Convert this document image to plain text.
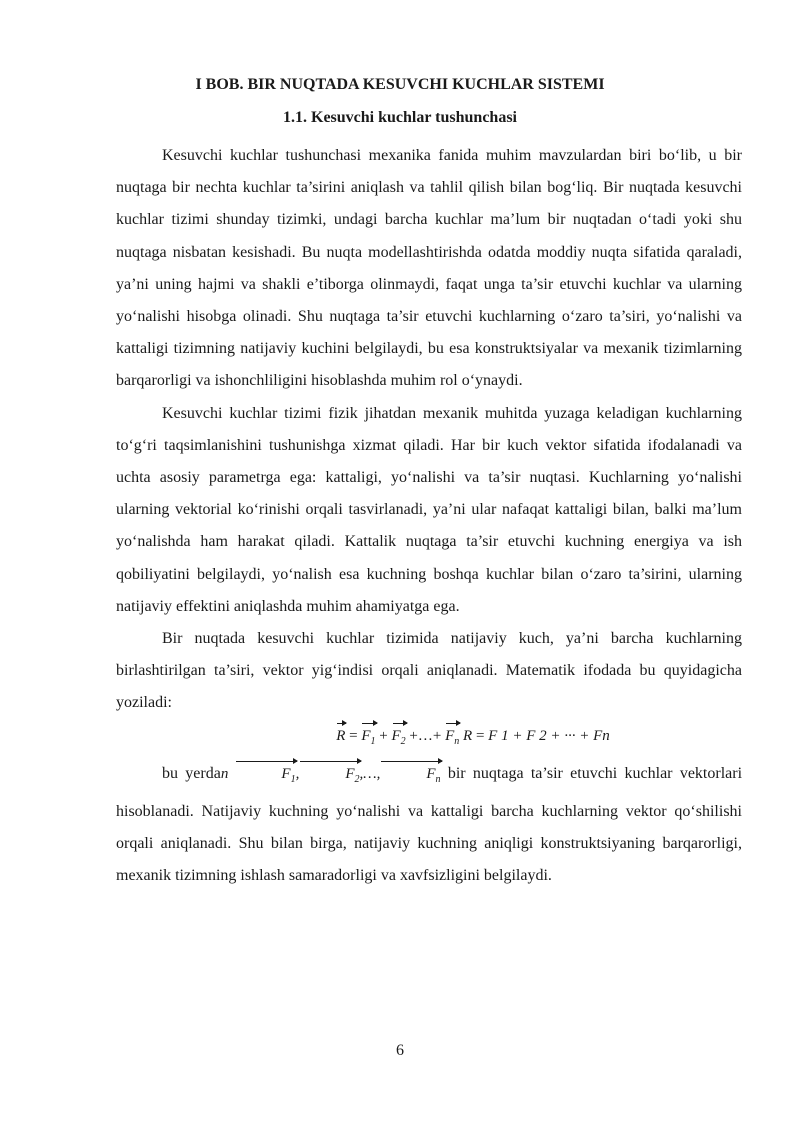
I BOB. BIR NUQTADA KESUVCHI KUCHLAR SISTEMI
1.1. Kesuvchi kuchlar tushunchasi

Kesuvchi kuchlar tushunchasi mexanika fanida muhim mavzulardan biri bo‘lib, u bir nuqtaga bir nechta kuchlar ta’sirini aniqlash va tahlil qilish bilan bog‘liq. Bir nuqtada kesuvchi kuchlar tizimi shunday tizimki, undagi barcha kuchlar ma’lum bir nuqtadan o‘tadi yoki shu nuqtaga nisbatan kesishadi. Bu nuqta modellashtirishda odatda moddiy nuqta sifatida qaraladi, ya’ni uning hajmi va shakli e’tiborga olinmaydi, faqat unga ta’sir etuvchi kuchlar va ularning yo‘nalishi hisobga olinadi. Shu nuqtaga ta’sir etuvchi kuchlarning o‘zaro ta’siri, yo‘nalishi va kattaligi tizimning natijaviy kuchini belgilaydi, bu esa konstruktsiyalar va mexanik tizimlarning barqarorligi va ishonchliligini hisoblashda muhim rol o‘ynaydi.

Kesuvchi kuchlar tizimi fizik jihatdan mexanik muhitda yuzaga keladigan kuchlarning to‘g‘ri taqsimlanishini tushunishga xizmat qiladi. Har bir kuch vektor sifatida ifodalanadi va uchta asosiy parametrga ega: kattaligi, yo‘nalishi va ta’sir nuqtasi. Kuchlarning yo‘nalishi ularning vektorial ko‘rinishi orqali tasvirlanadi, ya’ni ular nafaqat kattaligi bilan, balki ma’lum yo‘nalishda ham harakat qiladi. Kattalik nuqtaga ta’sir etuvchi kuchning energiya va ish qobiliyatini belgilaydi, yo‘nalish esa kuchning boshqa kuchlar bilan o‘zaro ta’sirini, ularning natijaviy effektini aniqlashda muhim ahamiyatga ega.

Bir nuqtada kesuvchi kuchlar tizimida natijaviy kuch, ya’ni barcha kuchlarning birlashtirilgan ta’siri, vektor yig‘indisi orqali aniqlanadi. Matematik ifodada bu quyidagicha yoziladi:

$R = F_1 + F_2$ +…+ $F_n$ R = F 1 + F 2 + ··· + Fn

bu yerdan	$F_1$,	$F_2,\dots$,	$F_n$ bir nuqtaga ta’sir etuvchi kuchlar vektorlari hisoblanadi. Natijaviy kuchning yo‘nalishi va kattaligi barcha kuchlarning vektor qo‘shilishi orqali aniqlanadi. Shu bilan birga, natijaviy kuchning aniqligi konstruktsiyaning barqarorligi, mexanik tizimning ishlash samaradorligi va xavfsizligini belgilaydi.

6
